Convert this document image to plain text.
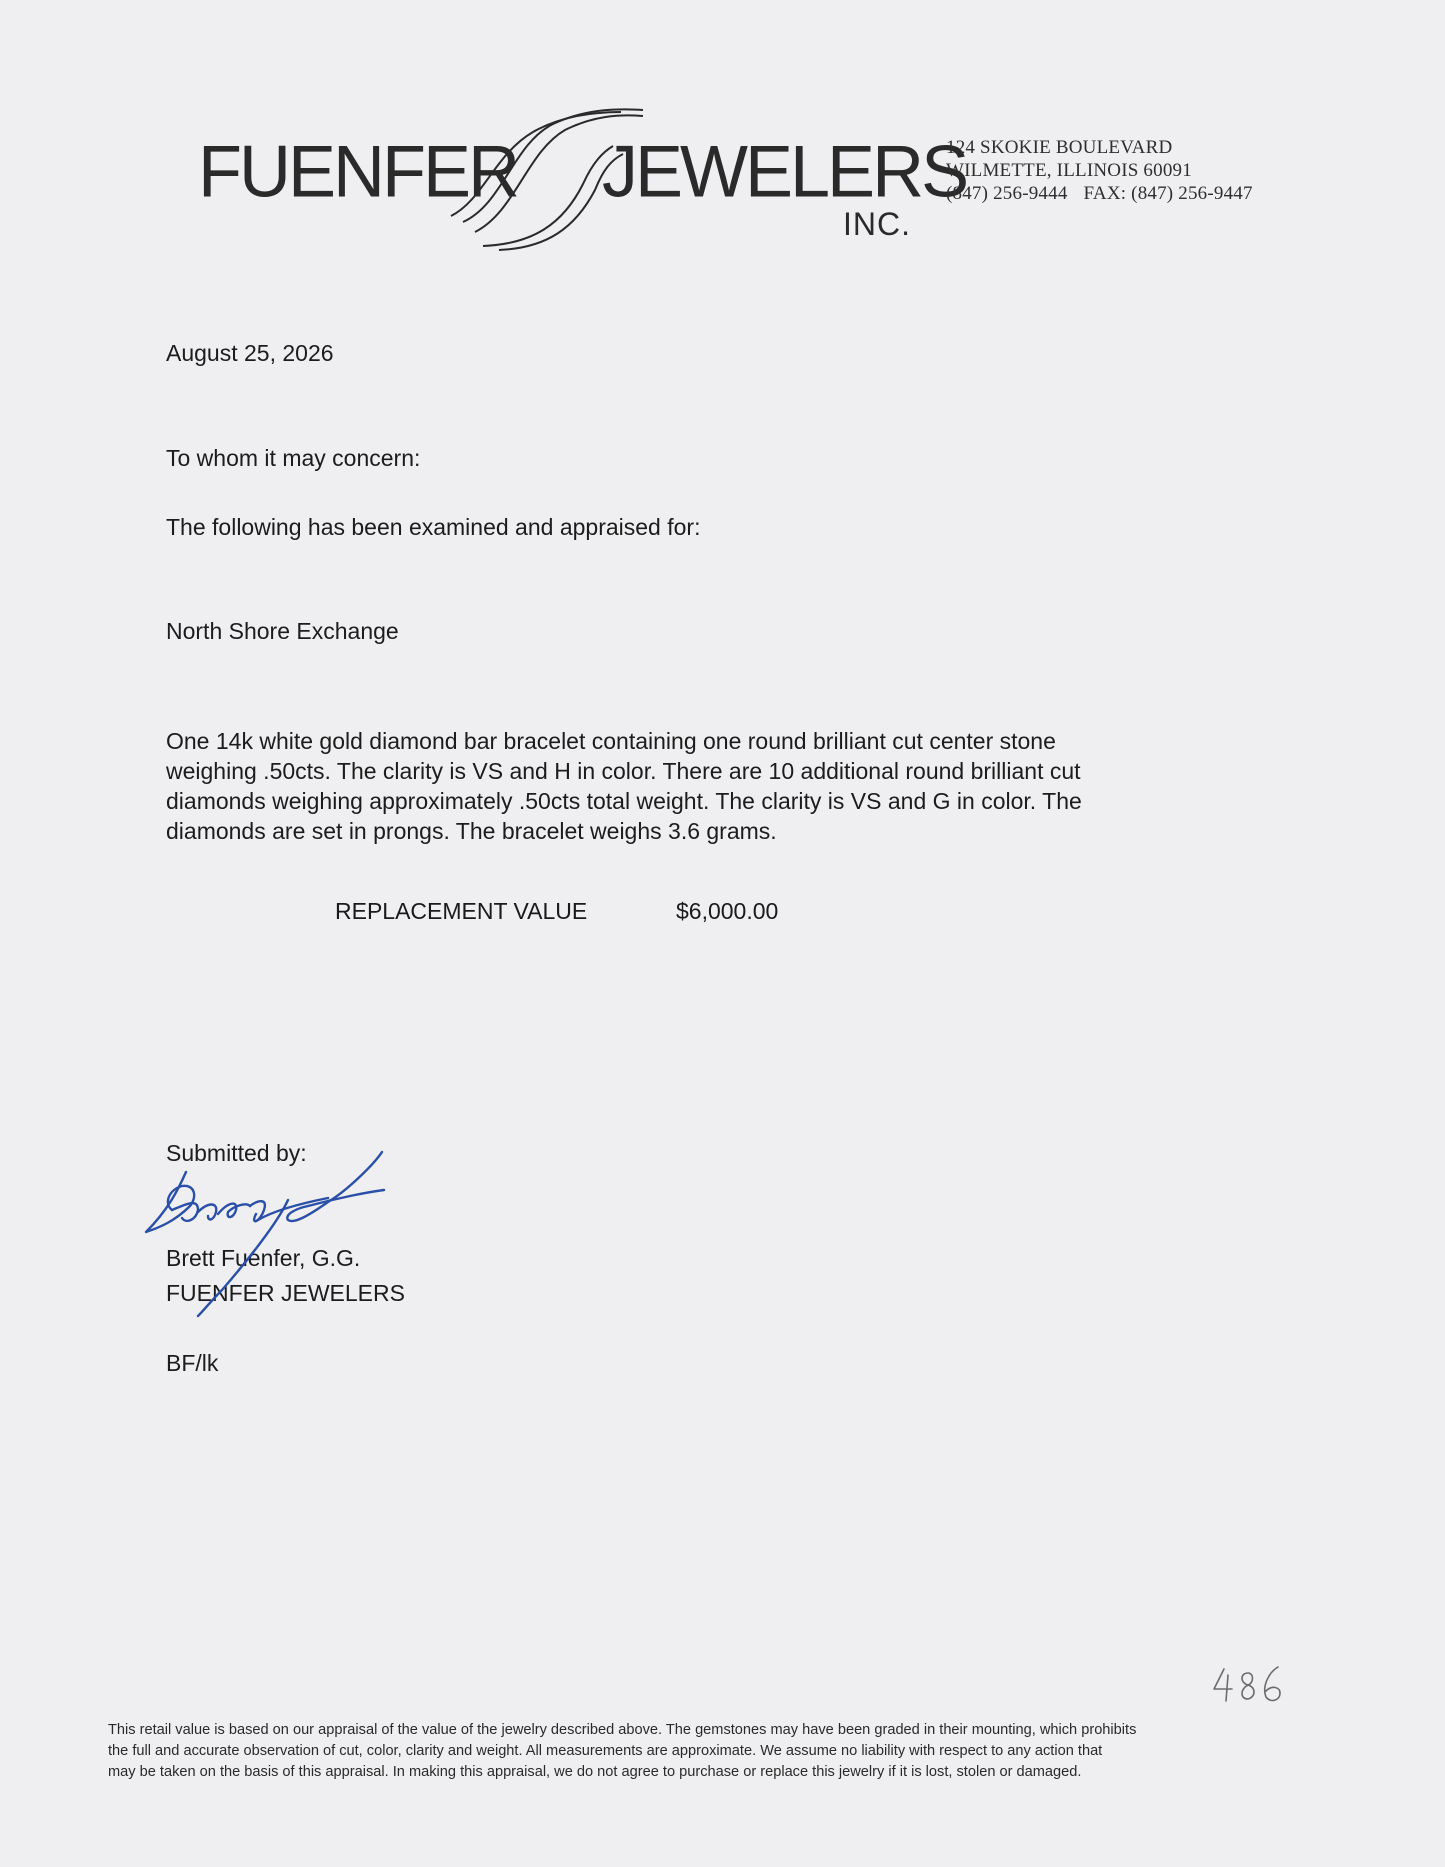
FUENFER JEWELERS
INC.
124 SKOKIE BOULEVARD
WILMETTE, ILLINOIS 60091
(847) 256-9444 FAX: (847) 256-9447
August 25, 2026
To whom it may concern:
The following has been examined and appraised for:
North Shore Exchange
One 14k white gold diamond bar bracelet containing one round brilliant cut center stone
weighing .50cts. The clarity is VS and H in color. There are 10 additional round brilliant cut
diamonds weighing approximately .50cts total weight. The clarity is VS and G in color. The
diamonds are set in prongs. The bracelet weighs 3.6 grams.
REPLACEMENT VALUE	$6,000.00
Submitted by:
Brett Fuenfer, G.G.
FUENFER JEWELERS
BF/lk
This retail value is based on our appraisal of the value of the jewelry described above. The gemstones may have been graded in their mounting, which prohibits
the full and accurate observation of cut, color, clarity and weight. All measurements are approximate. We assume no liability with respect to any action that
may be taken on the basis of this appraisal. In making this appraisal, we do not agree to purchase or replace this jewelry if it is lost, stolen or damaged.
